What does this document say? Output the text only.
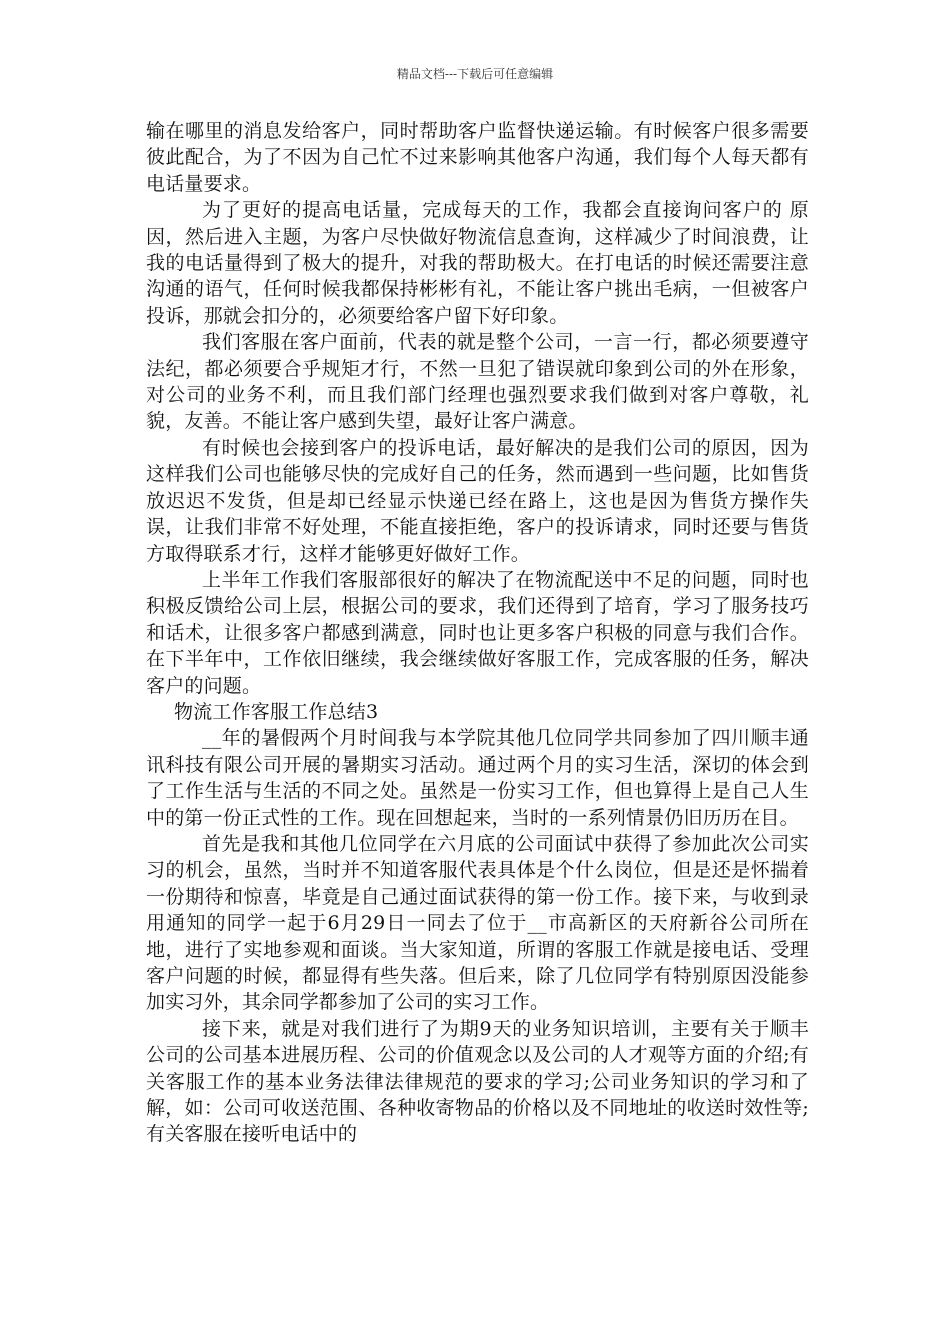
精品文档---下载后可任意编辑

输在哪里的消息发给客户，同时帮助客户监督快递运输。有时候客户很多需要彼此配合，为了不因为自己忙不过来影响其他客户沟通，我们每个人每天都有电话量要求。

为了更好的提高电话量，完成每天的工作，我都会直接询问客户的 原因，然后进入主题，为客户尽快做好物流信息查询，这样减少了时间浪费，让我的电话量得到了极大的提升，对我的帮助极大。在打电话的时候还需要注意沟通的语气，任何时候我都保持彬彬有礼，不能让客户挑出毛病，一但被客户投诉，那就会扣分的，必须要给客户留下好印象。

我们客服在客户面前，代表的就是整个公司，一言一行，都必须要遵守法纪，都必须要合乎规矩才行，不然一旦犯了错误就印象到公司的外在形象，对公司的业务不利，而且我们部门经理也强烈要求我们做到对客户尊敬，礼貌，友善。不能让客户感到失望，最好让客户满意。

有时候也会接到客户的投诉电话，最好解决的是我们公司的原因，因为这样我们公司也能够尽快的完成好自己的任务，然而遇到一些问题，比如售货放迟迟不发货，但是却已经显示快递已经在路上，这也是因为售货方操作失误，让我们非常不好处理，不能直接拒绝，客户的投诉请求，同时还要与售货方取得联系才行，这样才能够更好做好工作。

上半年工作我们客服部很好的解决了在物流配送中不足的问题，同时也积极反馈给公司上层，根据公司的要求，我们还得到了培育，学习了服务技巧和话术，让很多客户都感到满意，同时也让更多客户积极的同意与我们合作。在下半年中，工作依旧继续，我会继续做好客服工作，完成客服的任务，解决客户的问题。

物流工作客服工作总结3

__年的暑假两个月时间我与本学院其他几位同学共同参加了四川顺丰通讯科技有限公司开展的暑期实习活动。通过两个月的实习生活，深切的体会到了工作生活与生活的不同之处。虽然是一份实习工作，但也算得上是自己人生中的第一份正式性的工作。现在回想起来，当时的一系列情景仍旧历历在目。

首先是我和其他几位同学在六月底的公司面试中获得了参加此次公司实习的机会，虽然，当时并不知道客服代表具体是个什么岗位，但是还是怀揣着一份期待和惊喜，毕竟是自己通过面试获得的第一份工作。接下来，与收到录用通知的同学一起于6月29日一同去了位于__市高新区的天府新谷公司所在地，进行了实地参观和面谈。当大家知道，所谓的客服工作就是接电话、受理客户问题的时候，都显得有些失落。但后来，除了几位同学有特别原因没能参加实习外，其余同学都参加了公司的实习工作。

接下来，就是对我们进行了为期9天的业务知识培训，主要有关于顺丰公司的公司基本进展历程、公司的价值观念以及公司的人才观等方面的介绍;有关客服工作的基本业务法律法律规范的要求的学习;公司业务知识的学习和了解，如：公司可收送范围、各种收寄物品的价格以及不同地址的收送时效性等;有关客服在接听电话中的
